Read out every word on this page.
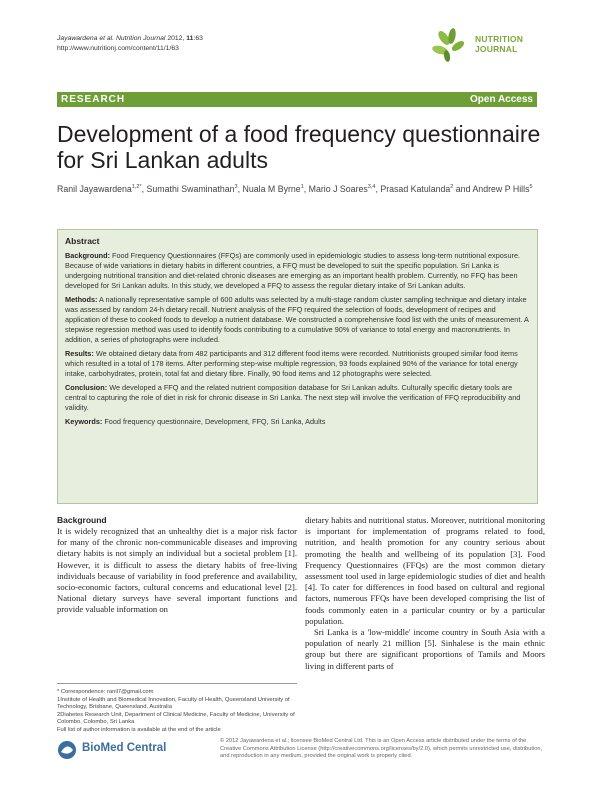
Jayawardena et al. Nutrition Journal 2012, 11:63
http://www.nutritionj.com/content/11/1/63
NUTRITION
JOURNAL
RESEARCH	Open Access
Development of a food frequency questionnaire for Sri Lankan adults
Ranil Jayawardena$^{1,2*}$, Sumathi Swaminathan$^3$, Nuala M Byrne$^1$, Mario J Soares$^{3,4}$, Prasad Katulanda$^2$ and Andrew P Hills$^5$
Abstract

Background: Food Frequency Questionnaires (FFQs) are commonly used in epidemiologic studies to assess long-term nutritional exposure. Because of wide variations in dietary habits in different countries, a FFQ must be developed to suit the specific population. Sri Lanka is undergoing nutritional transition and diet-related chronic diseases are emerging as an important health problem. Currently, no FFQ has been developed for Sri Lankan adults. In this study, we developed a FFQ to assess the regular dietary intake of Sri Lankan adults.

Methods: A nationally representative sample of 600 adults was selected by a multi-stage random cluster sampling technique and dietary intake was assessed by random 24-h dietary recall. Nutrient analysis of the FFQ required the selection of foods, development of recipes and application of these to cooked foods to develop a nutrient database. We constructed a comprehensive food list with the units of measurement. A stepwise regression method was used to identify foods contributing to a cumulative 90% of variance to total energy and macronutrients. In addition, a series of photographs were included.

Results: We obtained dietary data from 482 participants and 312 different food items were recorded. Nutritionists grouped similar food items which resulted in a total of 178 items. After performing step-wise multiple regression, 93 foods explained 90% of the variance for total energy intake, carbohydrates, protein, total fat and dietary fibre. Finally, 90 food items and 12 photographs were selected.

Conclusion: We developed a FFQ and the related nutrient composition database for Sri Lankan adults. Culturally specific dietary tools are central to capturing the role of diet in risk for chronic disease in Sri Lanka. The next step will involve the verification of FFQ reproducibility and validity.

Keywords: Food frequency questionnaire, Development, FFQ, Sri Lanka, Adults

Background

It is widely recognized that an unhealthy diet is a major risk factor for many of the chronic non-communicable diseases and improving dietary habits is not simply an individual but a societal problem [1]. However, it is difficult to assess the dietary habits of free-living individuals because of variability in food preference and availability, socio-economic factors, cultural concerns and educational level [2]. National dietary surveys have several important functions and provide valuable information on

dietary habits and nutritional status. Moreover, nutritional monitoring is important for implementation of programs related to food, nutrition, and health promotion for any country serious about promoting the health and wellbeing of its population [3]. Food Frequency Questionnaires (FFQs) are the most common dietary assessment tool used in large epidemiologic studies of diet and health [4]. To cater for differences in food based on cultural and regional factors, numerous FFQs have been developed comprising the list of foods commonly eaten in a particular country or by a particular population.

Sri Lanka is a 'low-middle' income country in South Asia with a population of nearly 21 million [5]. Sinhalese is the main ethnic group but there are significant proportions of Tamils and Moors living in different parts of

* Correspondence: ranil7@gmail.com

1Institute of Health and Biomedical Innovation, Faculty of Health, Queensland University of Technology, Brisbane, Queensland, Australia

2Diabetes Research Unit, Department of Clinical Medicine, Faculty of Medicine, University of Colombo, Colombo, Sri Lanka

Full list of author information is available at the end of the article

BioMed Central
© 2012 Jayawardena et al.; licensee BioMed Central Ltd. This is an Open Access article distributed under the terms of the Creative Commons Attribution License (http://creativecommons.org/licenses/by/2.0), which permits unrestricted use, distribution, and reproduction in any medium, provided the original work is properly cited.
